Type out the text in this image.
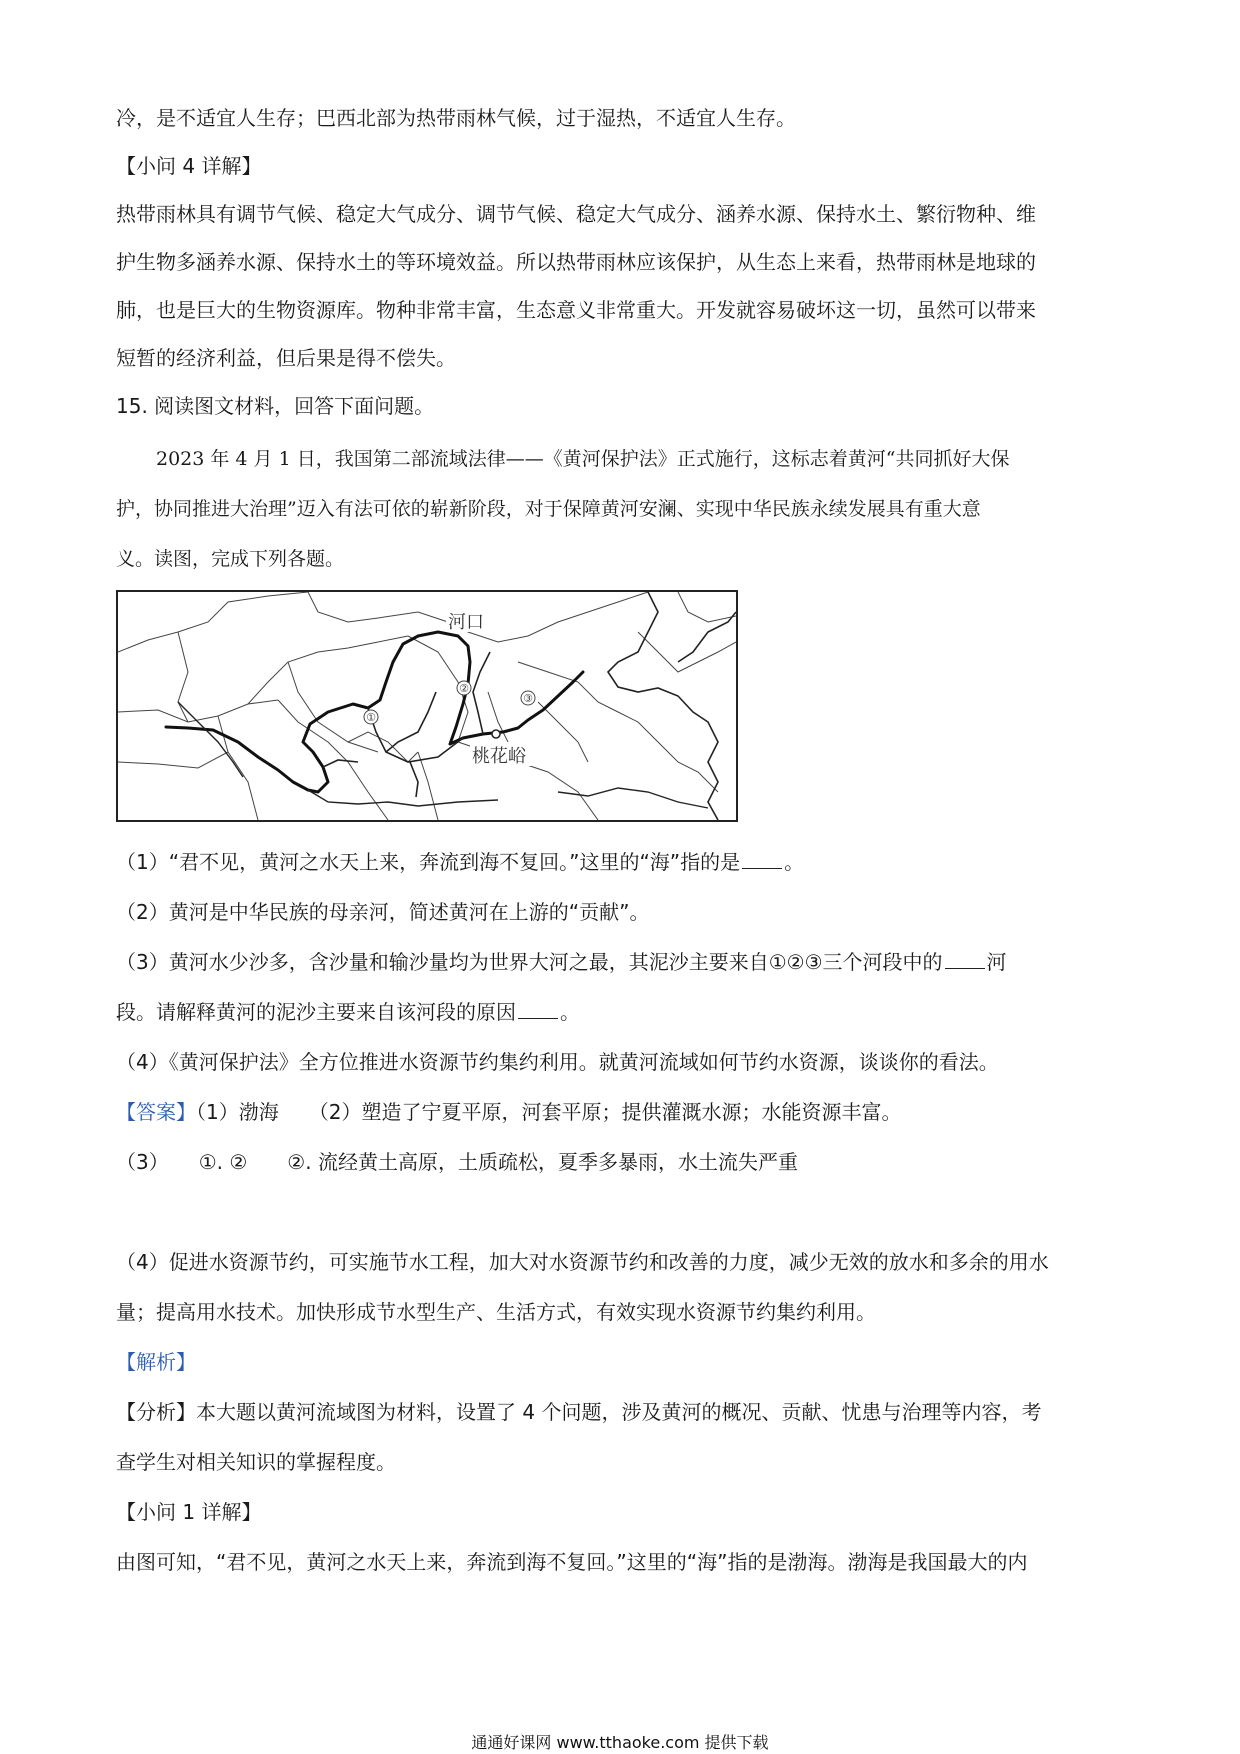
冷，是不适宜人生存；巴西北部为热带雨林气候，过于湿热，不适宜人生存。
【小问 4 详解】
热带雨林具有调节气候、稳定大气成分、调节气候、稳定大气成分、涵养水源、保持水土、繁衍物种、维
护生物多涵养水源、保持水土的等环境效益。所以热带雨林应该保护，从生态上来看，热带雨林是地球的
肺，也是巨大的生物资源库。物种非常丰富，生态意义非常重大。开发就容易破坏这一切，虽然可以带来
短暂的经济利益，但后果是得不偿失。
15. 阅读图文材料，回答下面问题。
2023 年 4 月 1 日，我国第二部流域法律——《黄河保护法》正式施行，这标志着黄河“共同抓好大保
护，协同推进大治理”迈入有法可依的崭新阶段，对于保障黄河安澜、实现中华民族永续发展具有重大意
义。读图，完成下列各题。
①
②
③
河口
桃花峪
（1）“君不见，黄河之水天上来，奔流到海不复回。”这里的“海”指的是 。
（2）黄河是中华民族的母亲河，简述黄河在上游的“贡献”。
（3）黄河水少沙多，含沙量和输沙量均为世界大河之最，其泥沙主要来自①②③三个河段中的 河
段。请解释黄河的泥沙主要来自该河段的原因 。
（4）《黄河保护法》全方位推进水资源节约集约利用。就黄河流域如何节约水资源，谈谈你的看法。
【答案】（1）渤海　　（2）塑造了宁夏平原，河套平原；提供灌溉水源；水能资源丰富。
（3）　　①. ②　　②. 流经黄土高原，土质疏松，夏季多暴雨，水土流失严重
（4）促进水资源节约，可实施节水工程，加大对水资源节约和改善的力度，减少无效的放水和多余的用水
量；提高用水技术。加快形成节水型生产、生活方式，有效实现水资源节约集约利用。
【解析】
【分析】本大题以黄河流域图为材料，设置了 4 个问题，涉及黄河的概况、贡献、忧患与治理等内容，考
查学生对相关知识的掌握程度。
【小问 1 详解】
由图可知，“君不见，黄河之水天上来，奔流到海不复回。”这里的“海”指的是渤海。渤海是我国最大的内
通通好课网 www.tthaoke.com 提供下载
